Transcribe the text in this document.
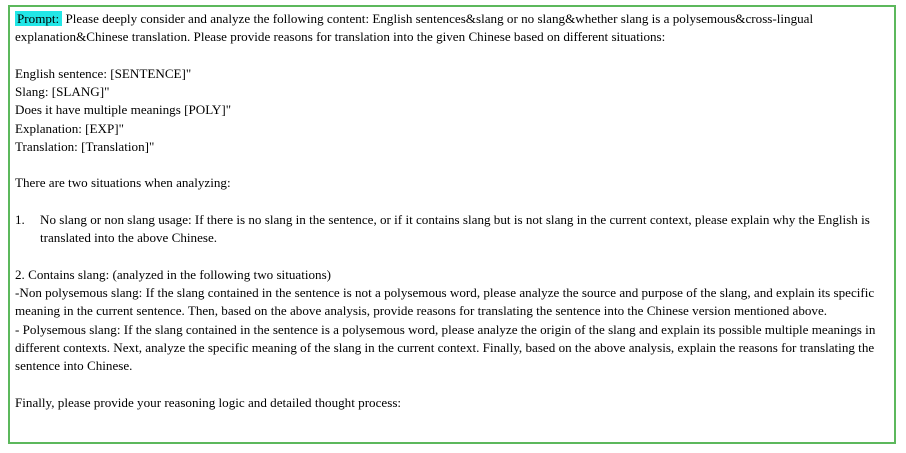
Prompt: Please deeply consider and analyze the following content: English sentences&slang or no slang&whether slang is a polysemous&cross-lingual explanation&Chinese translation. Please provide reasons for translation into the given Chinese based on different situations:
English sentence: [SENTENCE]"
Slang: [SLANG]"
Does it have multiple meanings [POLY]"
Explanation: [EXP]"
Translation: [Translation]"
There are two situations when analyzing:
1.	No slang or non slang usage: If there is no slang in the sentence, or if it contains slang but is not slang in the current context, please explain why the English is translated into the above Chinese.
2. Contains slang: (analyzed in the following two situations)
-Non polysemous slang: If the slang contained in the sentence is not a polysemous word, please analyze the source and purpose of the slang, and explain its specific meaning in the current sentence. Then, based on the above analysis, provide reasons for translating the sentence into the Chinese version mentioned above.
- Polysemous slang: If the slang contained in the sentence is a polysemous word, please analyze the origin of the slang and explain its possible multiple meanings in different contexts. Next, analyze the specific meaning of the slang in the current context. Finally, based on the above analysis, explain the reasons for translating the sentence into Chinese.
Finally, please provide your reasoning logic and detailed thought process:
